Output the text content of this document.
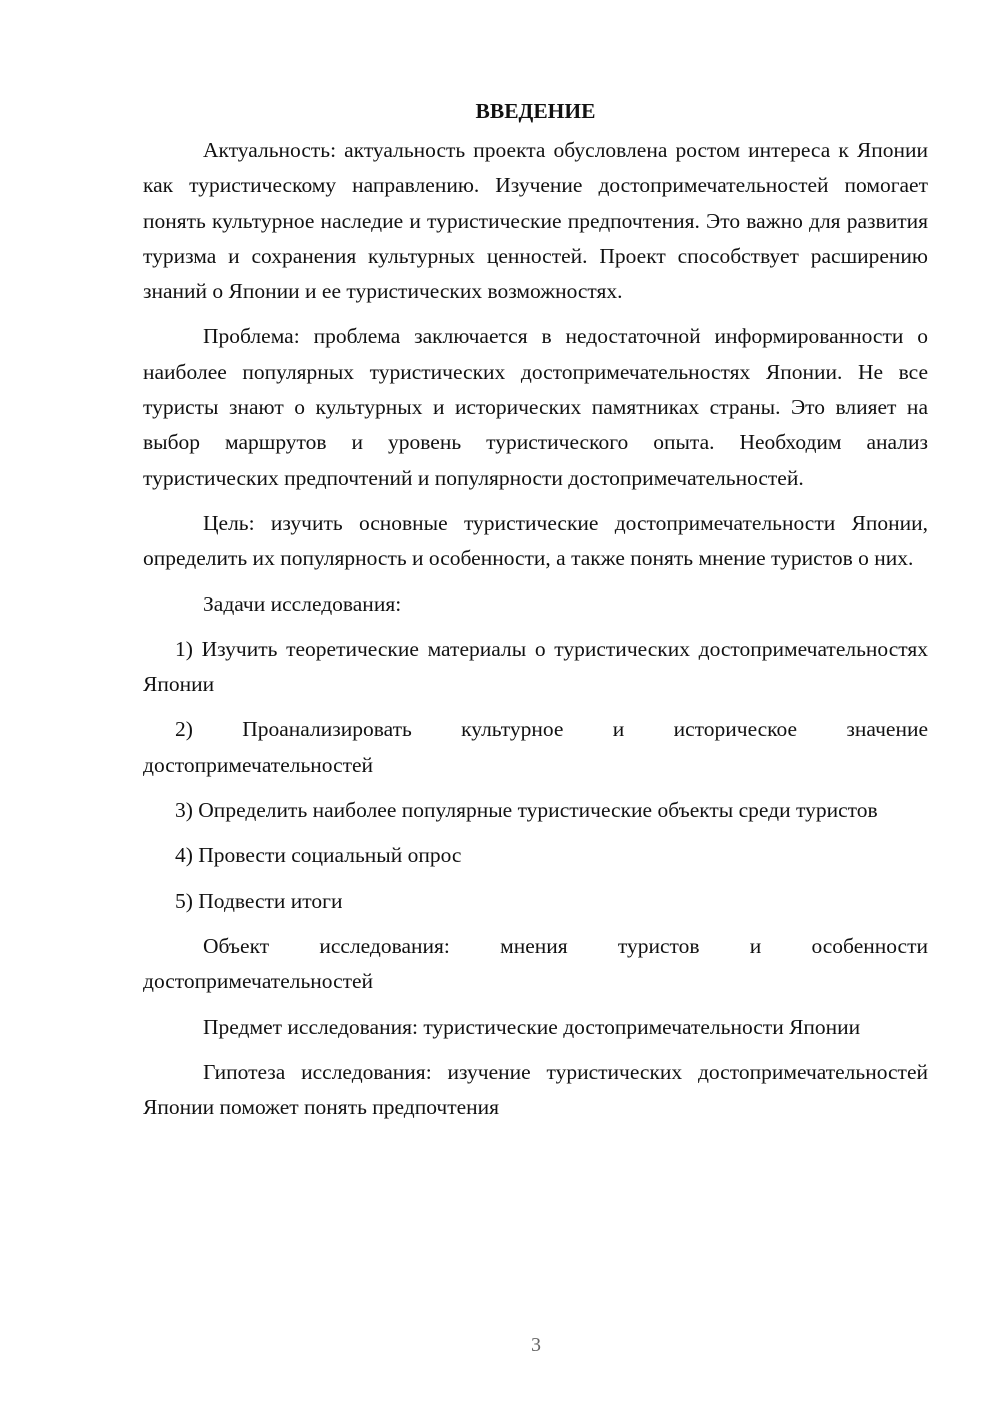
ВВЕДЕНИЕ

Актуальность: актуальность проекта обусловлена ростом интереса к Японии как туристическому направлению. Изучение достопримечательностей помогает понять культурное наследие и туристические предпочтения. Это важно для развития туризма и сохранения культурных ценностей. Проект способствует расширению знаний о Японии и ее туристических возможностях.

Проблема: проблема заключается в недостаточной информированности о наиболее популярных туристических достопримечательностях Японии. Не все туристы знают о культурных и исторических памятниках страны. Это влияет на выбор маршрутов и уровень туристического опыта. Необходим анализ туристических предпочтений и популярности достопримечательностей.

Цель: изучить основные туристические достопримечательности Японии, определить их популярность и особенности, а также понять мнение туристов о них.

Задачи исследования:

1) Изучить теоретические материалы о туристических достопримечательностях Японии

2) Проанализировать культурное и историческое значение достопримечательностей

3) Определить наиболее популярные туристические объекты среди туристов

4) Провести социальный опрос

5) Подвести итоги

Объект исследования: мнения туристов и особенности достопримечательностей

Предмет исследования: туристические достопримечательности Японии

Гипотеза исследования: изучение туристических достопримечательностей Японии поможет понять предпочтения

3
